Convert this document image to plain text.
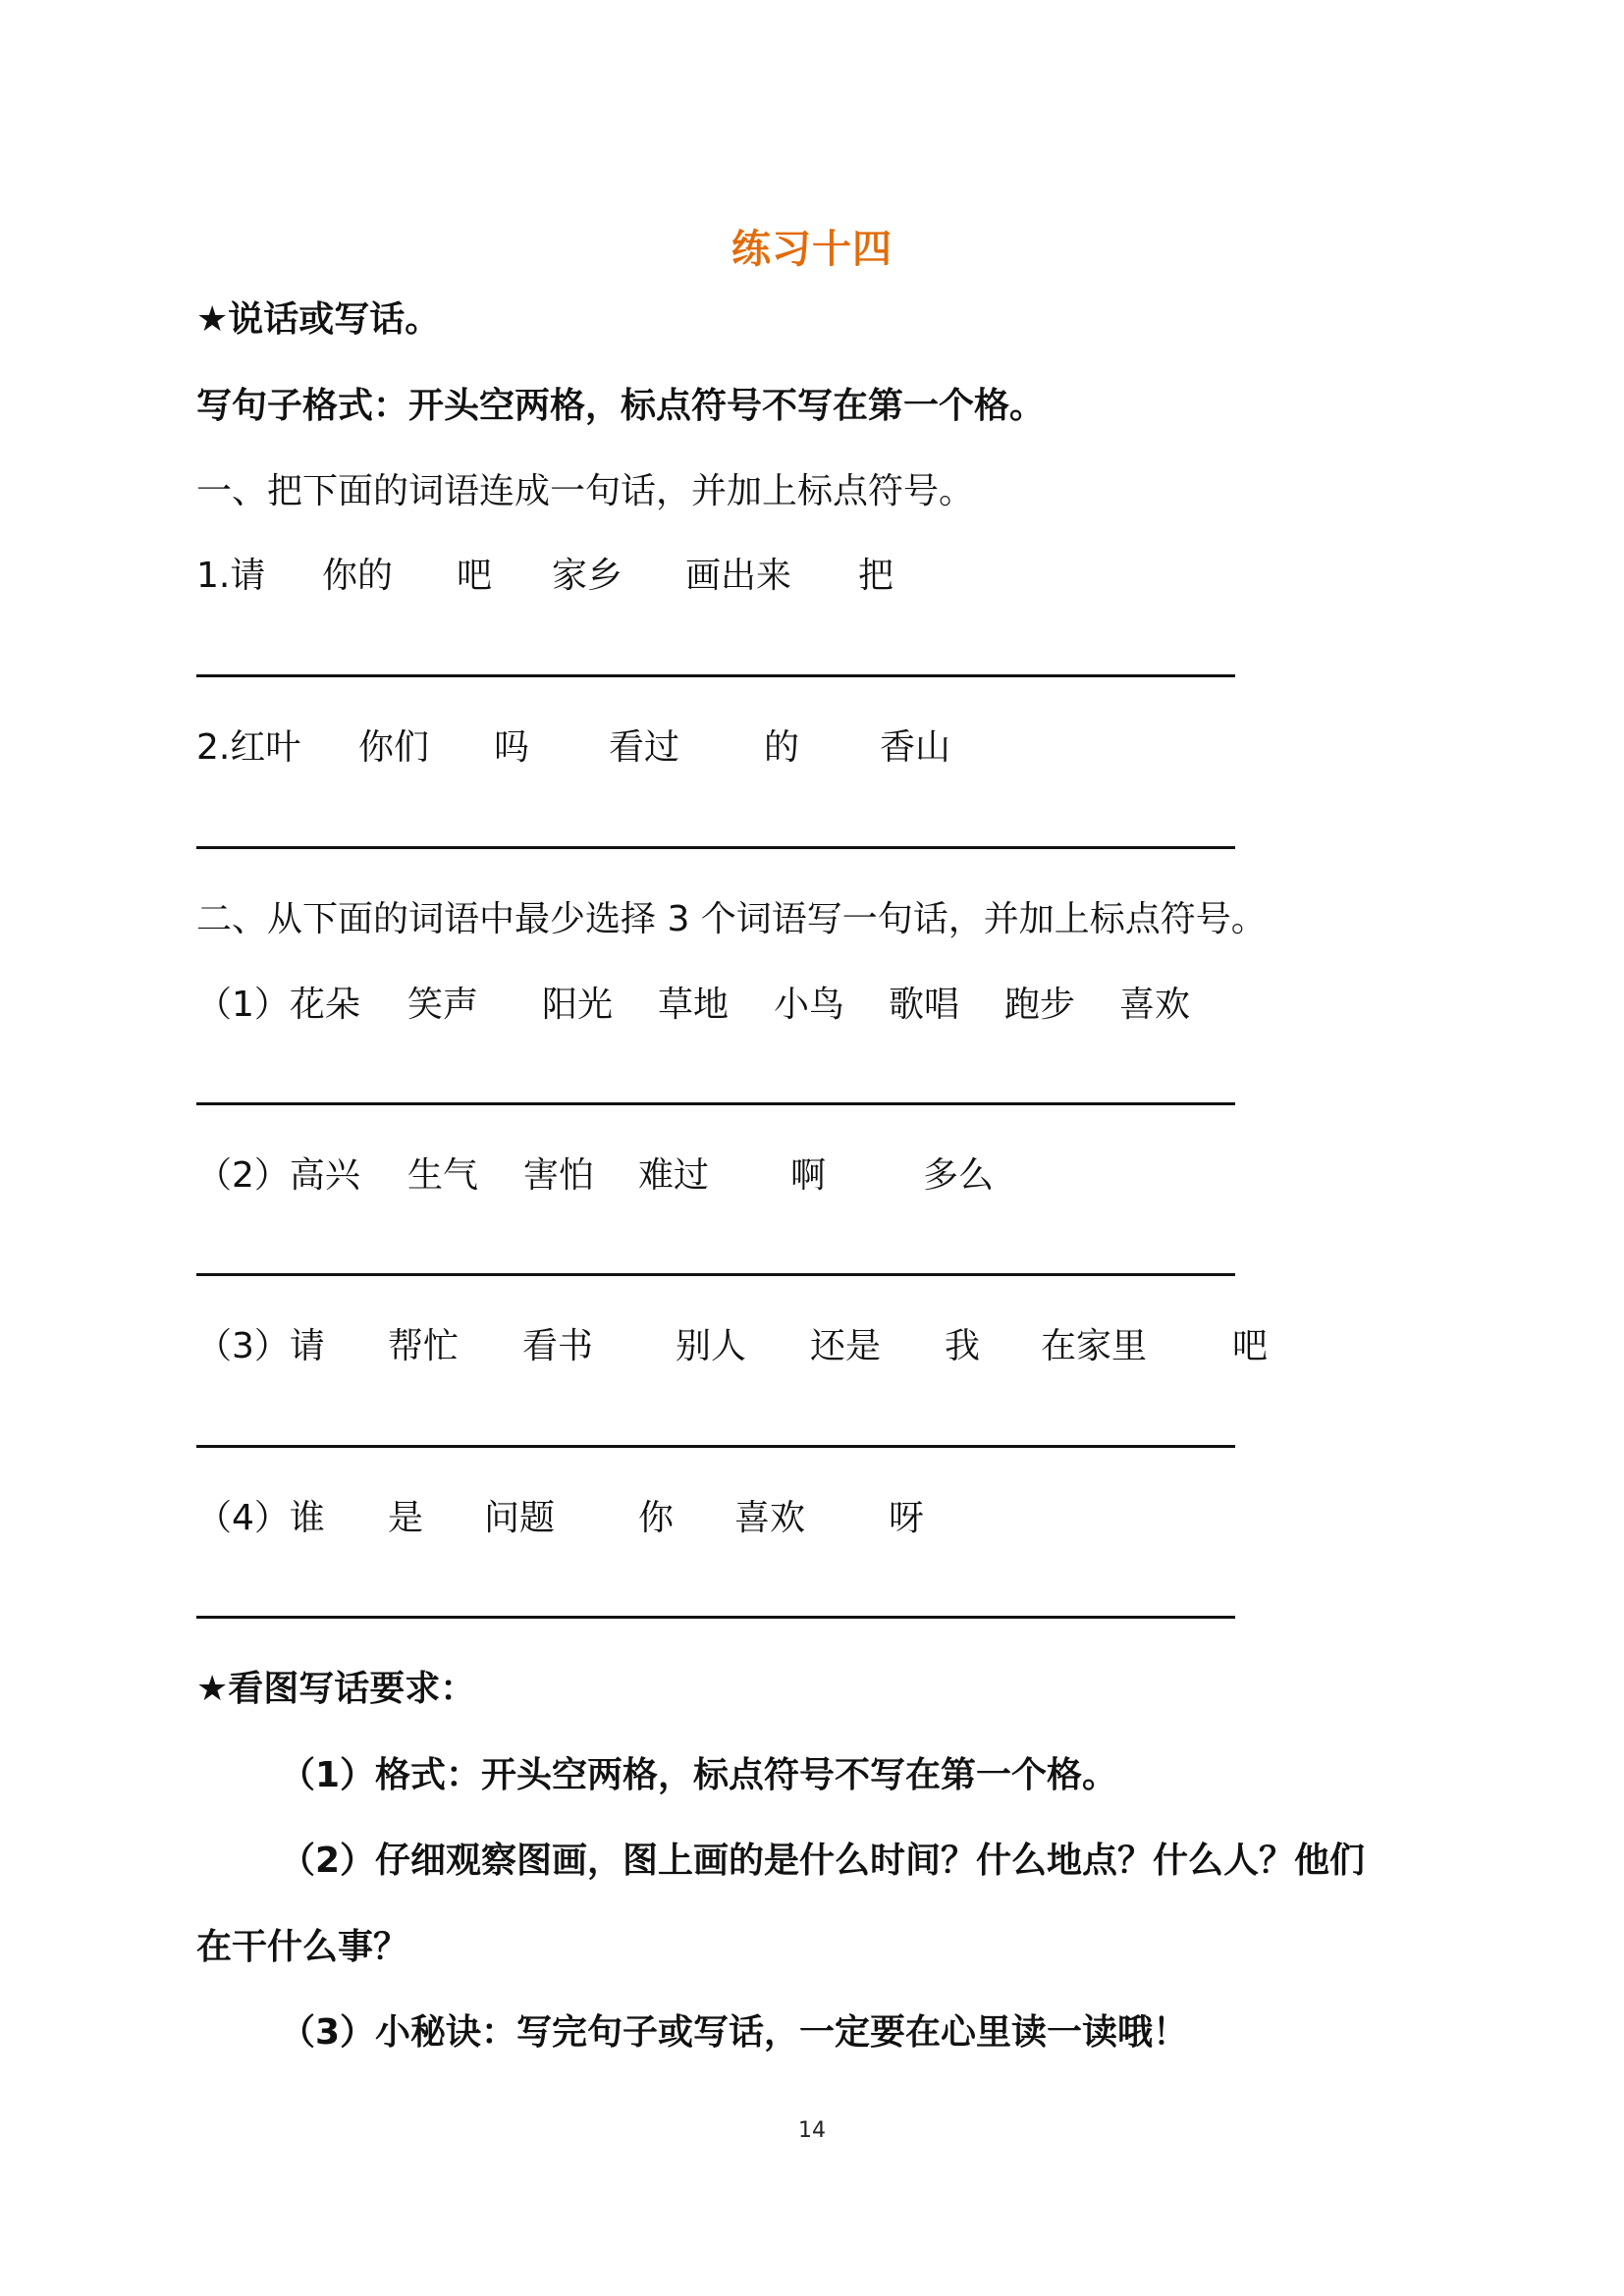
练习十四
★说话或写话。
写句子格式：开头空两格，标点符号不写在第一个格。
一、把下面的词语连成一句话，并加上标点符号。
1.请 你的 吧 家乡 画出来 把
2.红叶 你们 吗 看过 的 香山
二、从下面的词语中最少选择 3 个词语写一句话，并加上标点符号。
（1）花朵 笑声 阳光 草地 小鸟 歌唱 跑步 喜欢
（2）高兴 生气 害怕 难过 啊	多么
（3）请 帮忙 看书 别人 还是 我 在家里 吧
（4）谁 是 问题 你 喜欢 呀
★看图写话要求：
（1）格式：开头空两格，标点符号不写在第一个格。
（2）仔细观察图画，图上画的是什么时间？什么地点？什么人？他们
在干什么事？
（3）小秘诀：写完句子或写话，一定要在心里读一读哦！
14
